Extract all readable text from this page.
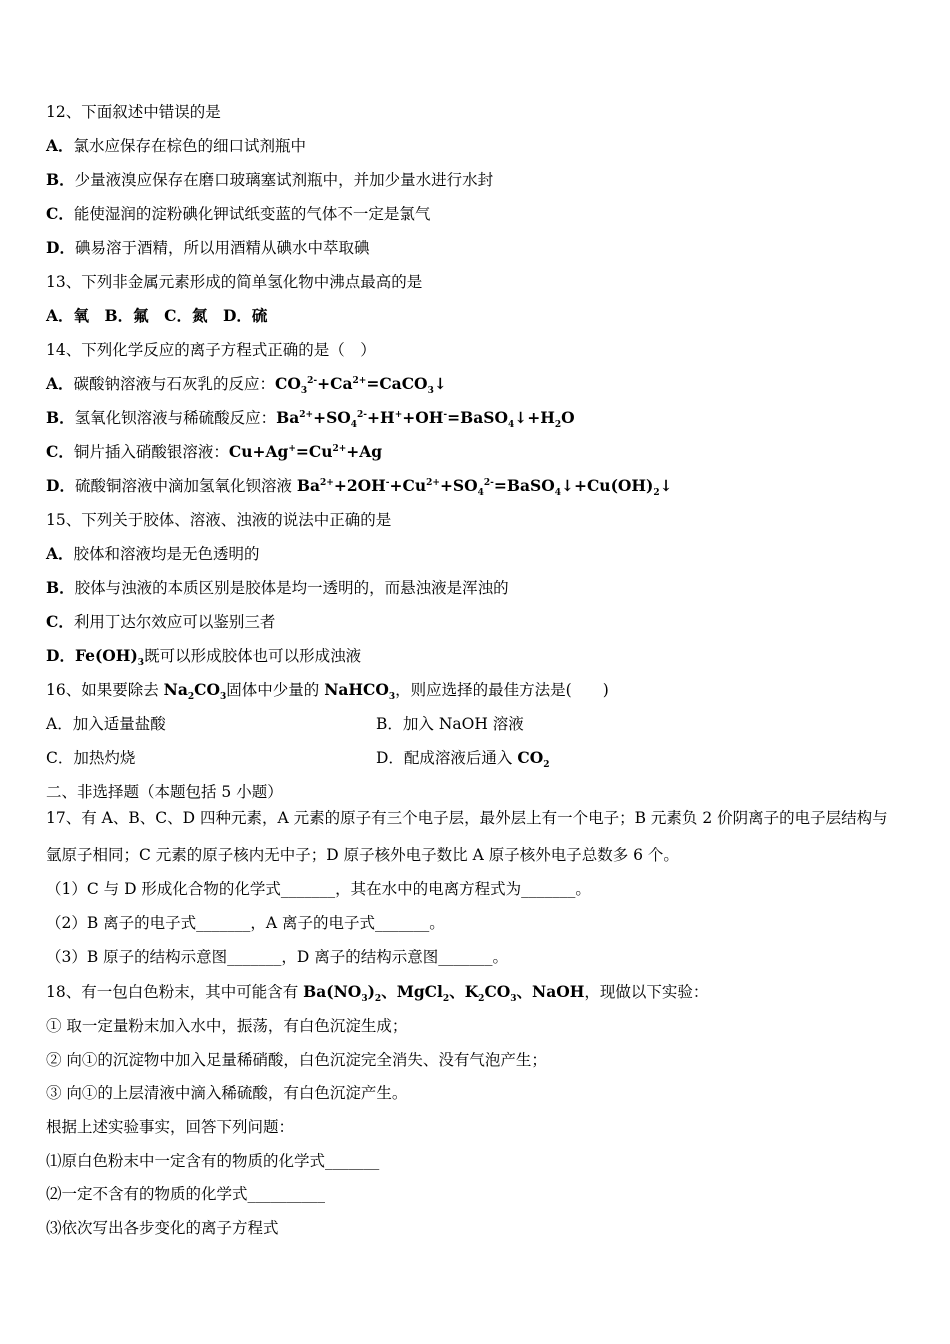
12、下面叙述中错误的是
A．氯水应保存在棕色的细口试剂瓶中
B．少量液溴应保存在磨口玻璃塞试剂瓶中，并加少量水进行水封
C．能使湿润的淀粉碘化钾试纸变蓝的气体不一定是氯气
D．碘易溶于酒精，所以用酒精从碘水中萃取碘
13、下列非金属元素形成的简单氢化物中沸点最高的是
A．氧　B．氟　C．氮　D．硫
14、下列化学反应的离子方程式正确的是（　）
A．碳酸钠溶液与石灰乳的反应：$CO_3^{2-}+Ca^{2+}=CaCO_3↓$
B．氢氧化钡溶液与稀硫酸反应：$Ba^{2+}+SO_4^{2-}+H^++OH^-=BaSO_4↓+H_2O$
C．铜片插入硝酸银溶液：$Cu+Ag^+=Cu^{2+}+Ag$
D．硫酸铜溶液中滴加氢氧化钡溶液 $Ba^{2+}+2OH^-+Cu^{2+}+SO_4^{2-}=BaSO_4↓+Cu(OH)_2↓$
15、下列关于胶体、溶液、浊液的说法中正确的是
A．胶体和溶液均是无色透明的
B．胶体与浊液的本质区别是胶体是均一透明的，而悬浊液是浑浊的
C．利用丁达尔效应可以鉴别三者
D．$Fe(OH)_3$既可以形成胶体也可以形成浊液
16、如果要除去 $Na_2CO_3$固体中少量的 NaHCO$_3$，则应选择的最佳方法是(　　)
A．加入适量盐酸	B．加入 NaOH 溶液
C．加热灼烧	D．配成溶液后通入 $CO_2$
二、非选择题（本题包括 5 小题）
17、有 A、B、C、D 四种元素，A 元素的原子有三个电子层，最外层上有一个电子；B 元素负 2 价阴离子的电子层结构与
氩原子相同；C 元素的原子核内无中子；D 原子核外电子数比 A 原子核外电子总数多 6 个。
（1）C 与 D 形成化合物的化学式_______，其在水中的电离方程式为_______。
（2）B 离子的电子式_______，A 离子的电子式_______。
（3）B 原子的结构示意图_______，D 离子的结构示意图_______。
18、有一包白色粉末，其中可能含有 $Ba(NO_3)_2$、MgCl$_2$、$K_2CO_3$、NaOH，现做以下实验：
① 取一定量粉末加入水中，振荡，有白色沉淀生成；
② 向①的沉淀物中加入足量稀硝酸，白色沉淀完全消失、没有气泡产生；
③ 向①的上层清液中滴入稀硫酸，有白色沉淀产生。
根据上述实验事实，回答下列问题：
⑴原白色粉末中一定含有的物质的化学式_______
⑵一定不含有的物质的化学式__________
⑶依次写出各步变化的离子方程式
